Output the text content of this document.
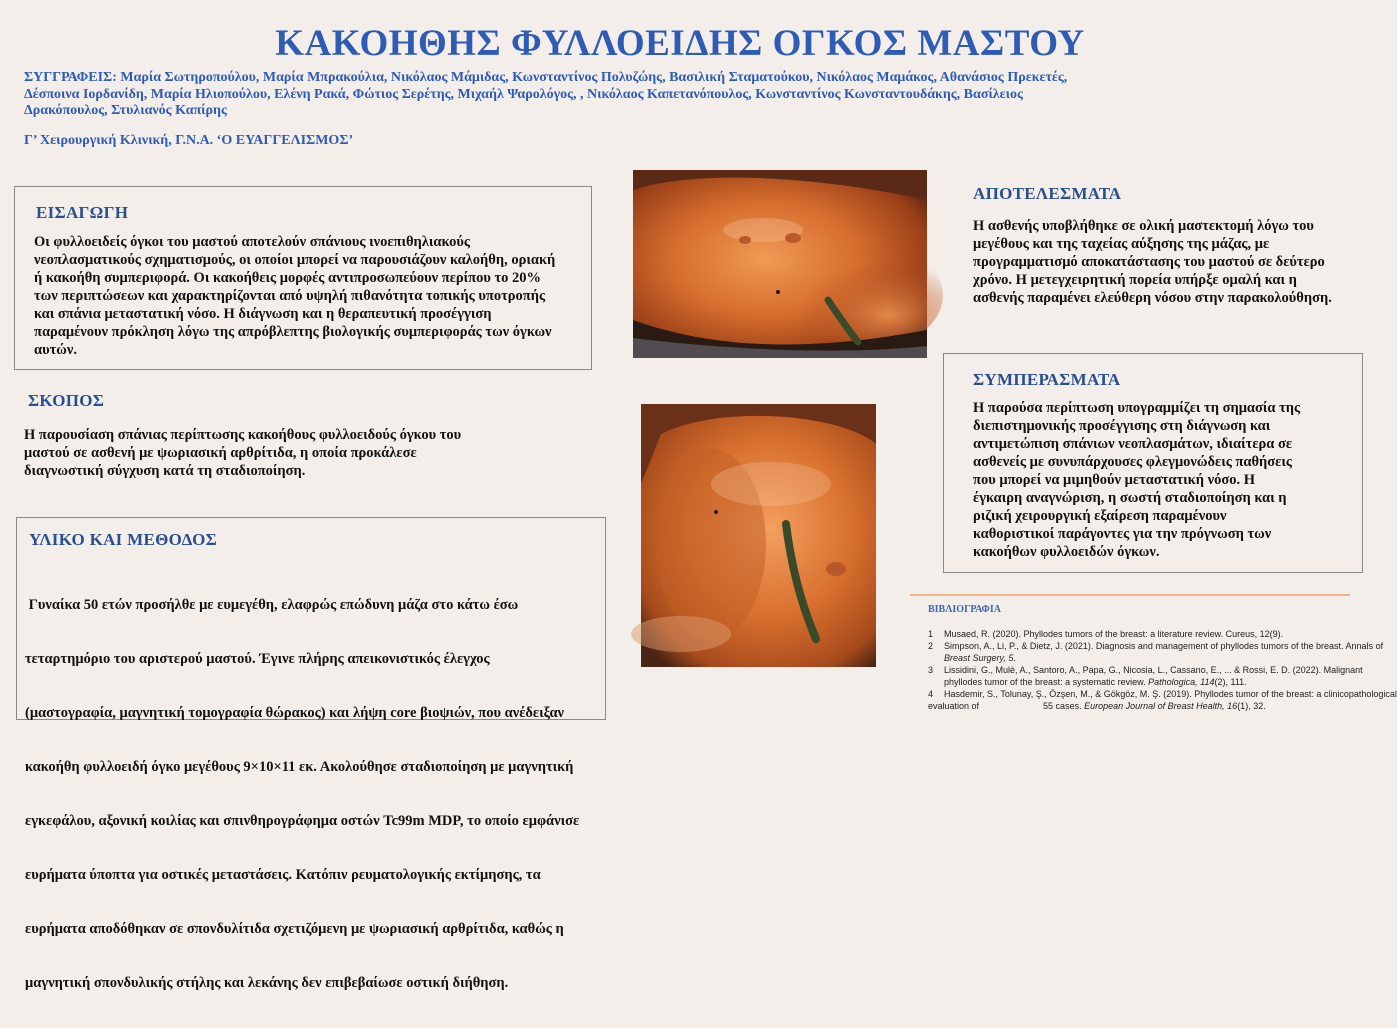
ΚΑΚΟΗΘΗΣ ΦΥΛΛΟΕΙΔΗΣ ΟΓΚΟΣ ΜΑΣΤΟΥ
ΣΥΓΓΡΑΦΕΙΣ: Μαρία Σωτηροπούλου, Μαρία Μπρακούλια, Νικόλαος Μάμιδας, Κωνσταντίνος Πολυζώης, Βασιλική Σταματούκου, Νικόλαος Μαμάκος, Αθανάσιος Πρεκετές,
Δέσποινα Ιορδανίδη, Μαρία Ηλιοπούλου, Ελένη Ρακά, Φώτιος Σερέτης, Μιχαήλ Ψαρολόγος, , Νικόλαος Καπετανόπουλος, Κωνσταντίνος Κωνσταντουδάκης, Βασίλειος
Δρακόπουλος, Στυλιανός Καπίρης
Γ’ Χειρουργική Κλινική, Γ.Ν.Α. ‘Ο ΕΥΑΓΓΕΛΙΣΜΟΣ’
ΕΙΣΑΓΩΓΗ
Οι φυλλοειδείς όγκοι του μαστού αποτελούν σπάνιους ινοεπιθηλιακούς
νεοπλασματικούς σχηματισμούς, οι οποίοι μπορεί να παρουσιάζουν καλοήθη, οριακή
ή κακοήθη συμπεριφορά. Οι κακοήθεις μορφές αντιπροσωπεύουν περίπου το 20%
των περιπτώσεων και χαρακτηρίζονται από υψηλή πιθανότητα τοπικής υποτροπής
και σπάνια μεταστατική νόσο. Η διάγνωση και η θεραπευτική προσέγγιση
παραμένουν πρόκληση λόγω της απρόβλεπτης βιολογικής συμπεριφοράς των όγκων
αυτών.
ΣΚΟΠΟΣ
Η παρουσίαση σπάνιας περίπτωσης κακοήθους φυλλοειδούς όγκου του
μαστού σε ασθενή με ψωριασική αρθρίτιδα, η οποία προκάλεσε
διαγνωστική σύγχυση κατά τη σταδιοποίηση.
ΥΛΙΚΟ ΚΑΙ ΜΕΘΟΔΟΣ

Γυναίκα 50 ετών προσήλθε με ευμεγέθη, ελαφρώς επώδυνη μάζα στο κάτω έσω

τεταρτημόριο του αριστερού μαστού. Έγινε πλήρης απεικονιστικός έλεγχος

(μαστογραφία, μαγνητική τομογραφία θώρακος) και λήψη core βιοψιών, που ανέδειξαν

κακοήθη φυλλοειδή όγκο μεγέθους 9×10×11 εκ. Ακολούθησε σταδιοποίηση με μαγνητική

εγκεφάλου, αξονική κοιλίας και σπινθηρογράφημα οστών Tc99m MDP, το οποίο εμφάνισε

ευρήματα ύποπτα για οστικές μεταστάσεις. Κατόπιν ρευματολογικής εκτίμησης, τα

ευρήματα αποδόθηκαν σε σπονδυλίτιδα σχετιζόμενη με ψωριασική αρθρίτιδα, καθώς η

μαγνητική σπονδυλικής στήλης και λεκάνης δεν επιβεβαίωσε οστική διήθηση.

ΑΠΟΤΕΛΕΣΜΑΤΑ
Η ασθενής υποβλήθηκε σε ολική μαστεκτομή λόγω του
μεγέθους και της ταχείας αύξησης της μάζας, με
προγραμματισμό αποκατάστασης του μαστού σε δεύτερο
χρόνο. Η μετεγχειρητική πορεία υπήρξε ομαλή και η
ασθενής παραμένει ελεύθερη νόσου στην παρακολούθηση.
ΣΥΜΠΕΡΑΣΜΑΤΑ
Η παρούσα περίπτωση υπογραμμίζει τη σημασία της
διεπιστημονικής προσέγγισης στη διάγνωση και
αντιμετώπιση σπάνιων νεοπλασμάτων, ιδιαίτερα σε
ασθενείς με συνυπάρχουσες φλεγμονώδεις παθήσεις
που μπορεί να μιμηθούν μεταστατική νόσο. Η
έγκαιρη αναγνώριση, η σωστή σταδιοποίηση και η
ριζική χειρουργική εξαίρεση παραμένουν
καθοριστικοί παράγοντες για την πρόγνωση των
κακοήθων φυλλοειδών όγκων.
ΒΙΒΛΙΟΓΡΑΦΙΑ
1 Musaed, R. (2020). Phyllodes tumors of the breast: a literature review. Cureus, 12(9).
2 Simpson, A., Li, P., & Dietz, J. (2021). Diagnosis and management of phyllodes tumors of the breast. Annals of
Breast Surgery, 5.
3 Lissidini, G., Mulè, A., Santoro, A., Papa, G., Nicosia, L., Cassano, E., ... & Rossi, E. D. (2022). Malignant
phyllodes tumor of the breast: a systematic review. Pathologica, 114(2), 111.
4 Hasdemir, S., Tolunay, Ş., Özşen, M., & Gökgöz, M. Ş. (2019). Phyllodes tumor of the breast: a clinicopathological
evaluation of	55 cases. European Journal of Breast Health, 16(1), 32.
